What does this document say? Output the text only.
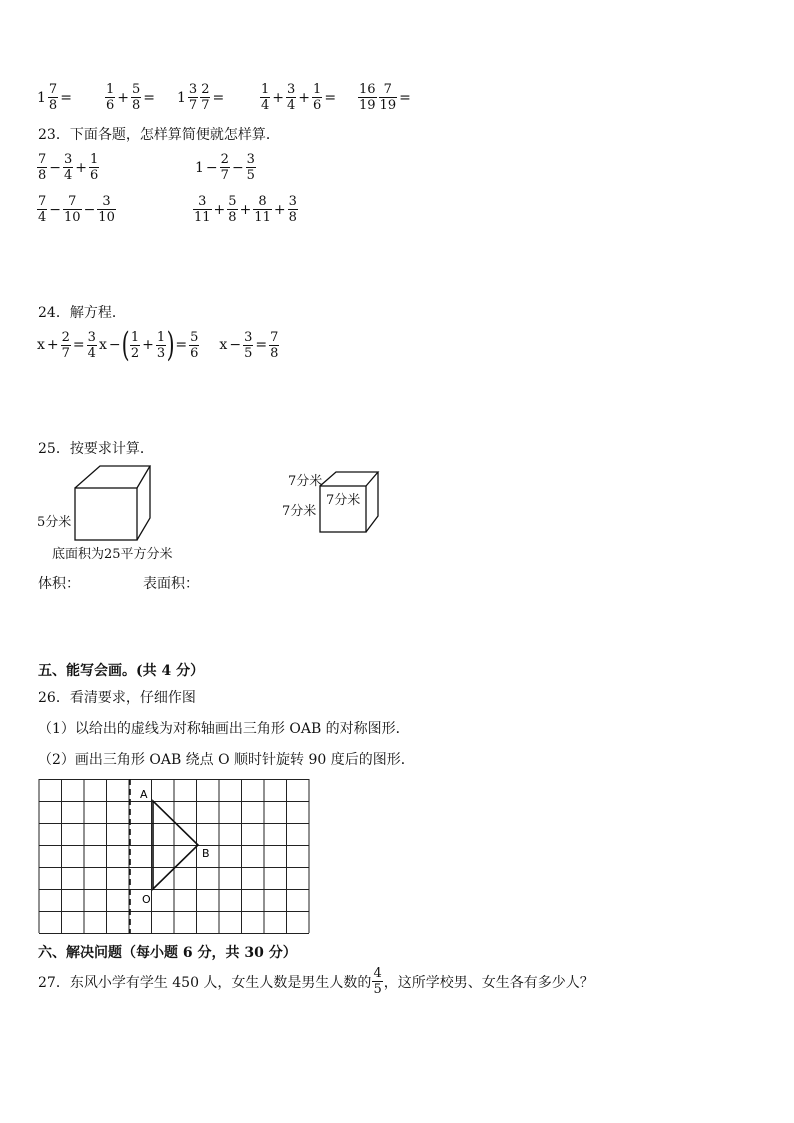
$1 \frac{7}{8}$ =	$\frac{1}{6} + \frac{5}{8} = 1 \frac{3}{7} \frac{2}{7}$ =	$\frac{1}{4} + \frac{3}{4} + \frac{1}{6} = \frac{16}{19} \frac{7}{19}$ =
23．下面各题，怎样算简便就怎样算．
$\frac{7}{8} - \frac{3}{4} + \frac{1}{6}$	$1 - \frac{2}{7} - \frac{3}{5}$
$\frac{7}{4} - \frac{7}{10} - \frac{3}{10}$	$\frac{3}{11} + \frac{5}{8} + \frac{8}{11} + \frac{3}{8}$
24．解方程．
$x + \frac{2}{7} = \frac{3}{4}$ x − ( $\frac{1}{2} + \frac{1}{3}$ ) = $\frac{5}{6}$ $x - \frac{3}{5} = \frac{7}{8}$
25．按要求计算．
5分米
底面积为25平方分米
7分米
7分米
7分米
体积：	表面积：
五、能写会画。(共 4 分）
26．看清要求，仔细作图
（1）以给出的虚线为对称轴画出三角形 OAB 的对称图形．
（2）画出三角形 OAB 绕点 O 顺时针旋转 90 度后的图形．
A
B
O
六、解决问题（每小题 6 分，共 30 分）
27．东风小学有学生 450 人，女生人数是男生人数的 $\frac{4}{5}$ ，这所学校男、女生各有多少人？
